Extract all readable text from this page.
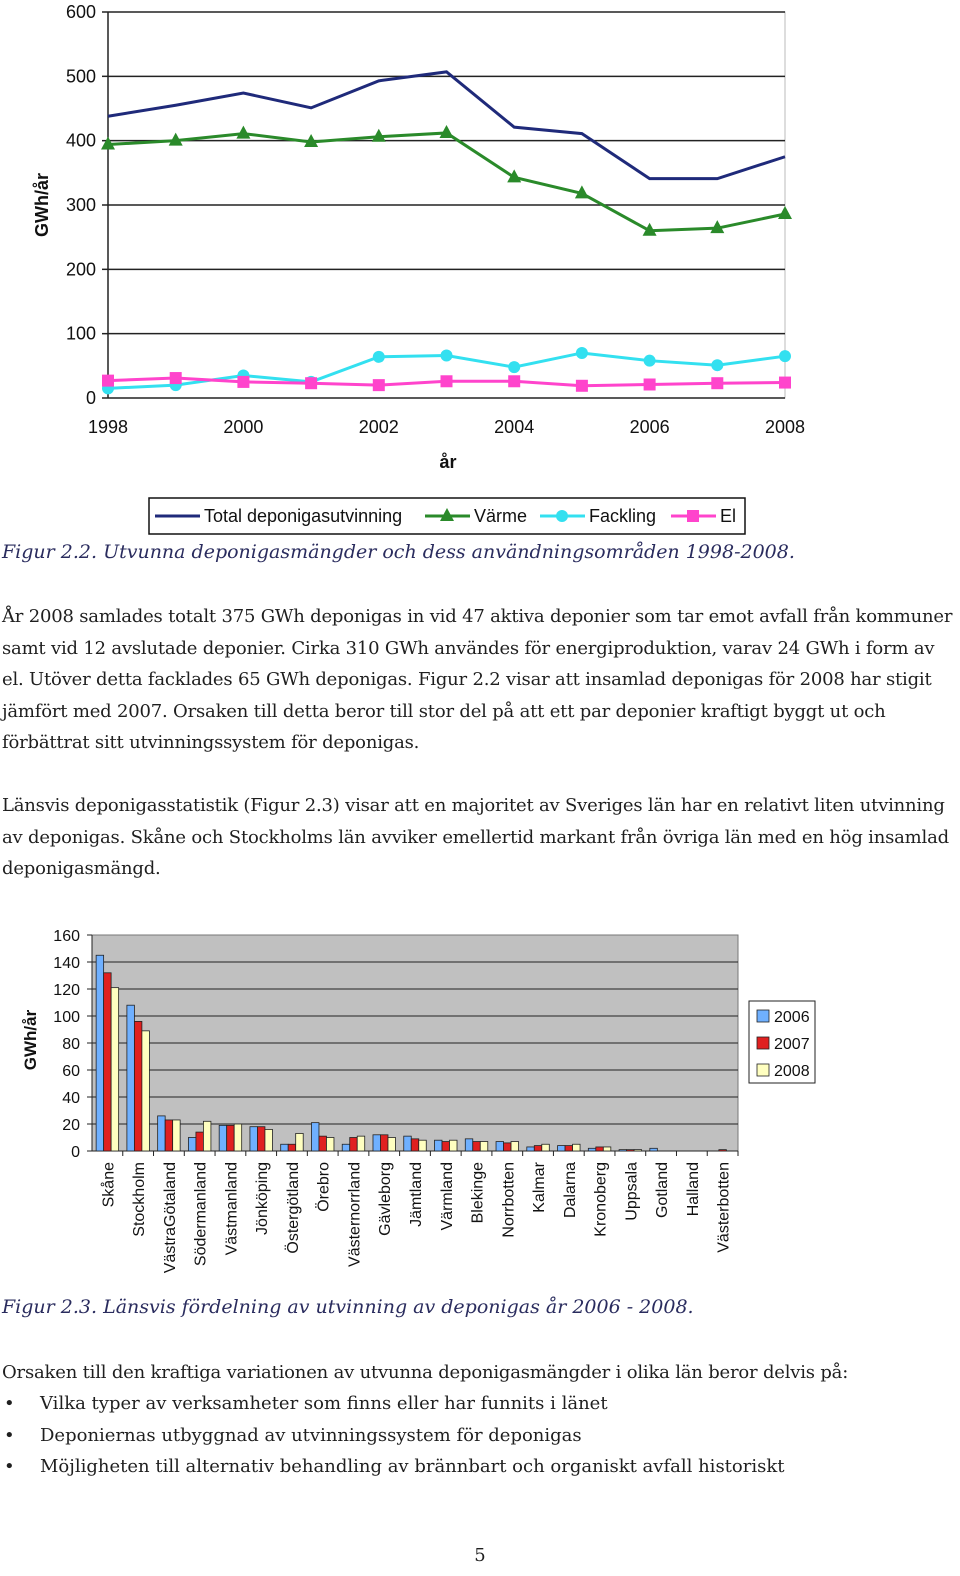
0
100
200
300
400
500
600
1998	2000	2002	2004	2006	2008
år
GWh/år
Total deponigasutvinning	Värme	Fackling	El
Figur 2.2. Utvunna deponigasmängder och dess användningsområden 1998-2008.

År 2008 samlades totalt 375 GWh deponigas in vid 47 aktiva deponier som tar emot avfall från kommuner samt vid 12 avslutade deponier. Cirka 310 GWh användes för energiproduktion, varav 24 GWh i form av el. Utöver detta facklades 65 GWh deponigas. Figur 2.2 visar att insamlad deponigas för 2008 har stigit jämfört med 2007. Orsaken till detta beror till stor del på att ett par deponier kraftigt byggt ut och förbättrat sitt utvinningssystem för deponigas.

Länsvis deponigasstatistik (Figur 2.3) visar att en majoritet av Sveriges län har en relativt liten utvinning av deponigas. Skåne och Stockholms län avviker emellertid markant från övriga län med en hög insamlad deponigasmängd.

0
20
40
60
80
100
120
140
160
GWh/år
Skåne Stockholm VästraGötaland Södermanland Västmanland Jönköping Östergötland Örebro Västernorrland Gävleborg Jämtland Värmland Blekinge Norrbotten Kalmar Dalarna Kronoberg Uppsala Gotland Halland Västerbotten
2006
2007
2008
Figur 2.3. Länsvis fördelning av utvinning av deponigas år 2006 - 2008.

Orsaken till den kraftiga variationen av utvunna deponigasmängder i olika län beror delvis på:

• Vilka typer av verksamheter som finns eller har funnits i länet
• Deponiernas utbyggnad av utvinningssystem för deponigas
• Möjligheten till alternativ behandling av brännbart och organiskt avfall historiskt
5
